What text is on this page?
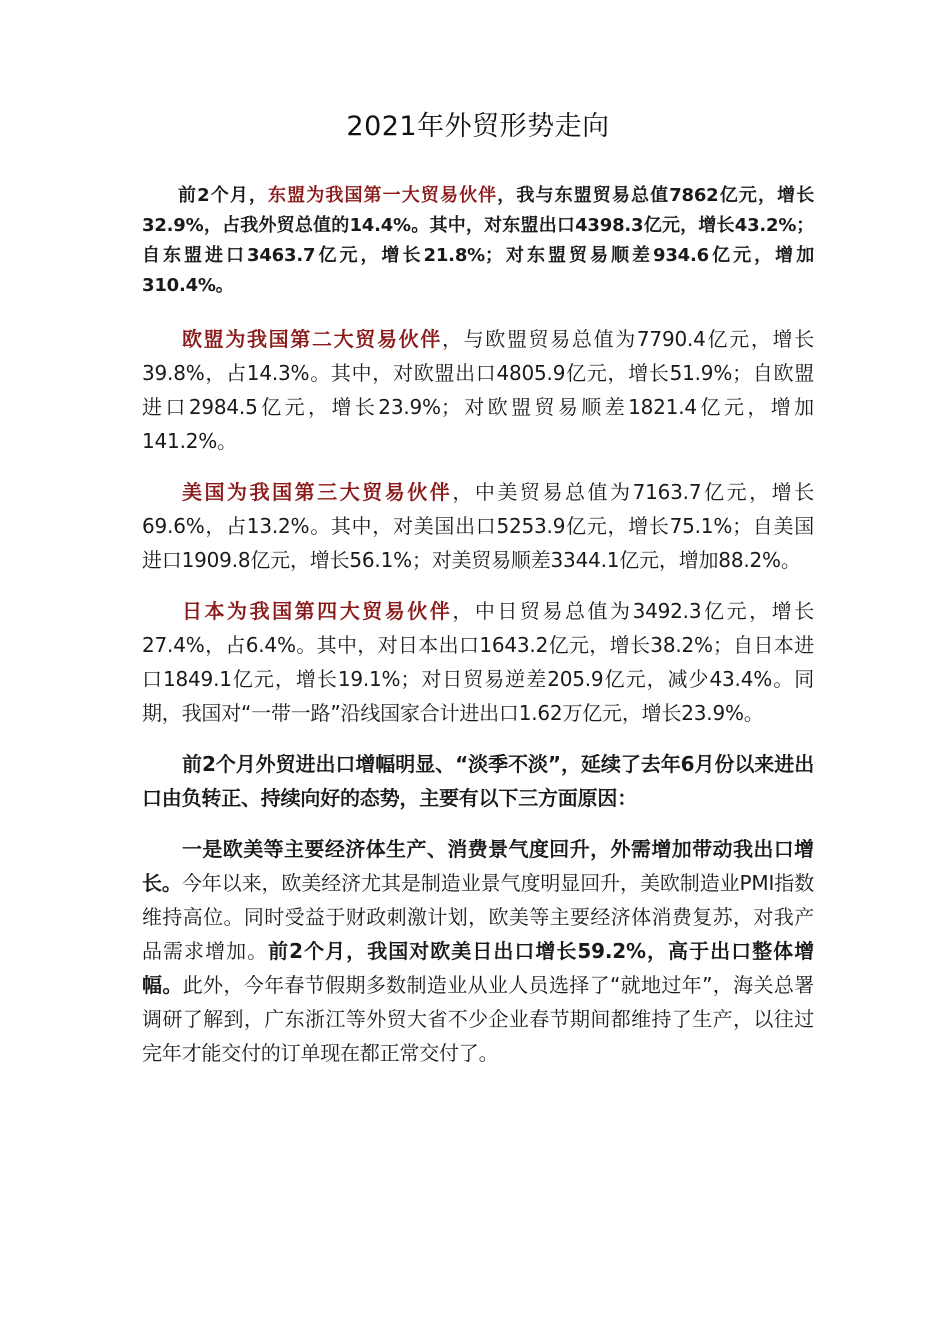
2021年外贸形势走向

前2个月，东盟为我国第一大贸易伙伴，我与东盟贸易总值7862亿元，增长32.9%，占我外贸总值的14.4%。其中，对东盟出口4398.3亿元，增长43.2%；自东盟进口3463.7亿元，增长21.8%；对东盟贸易顺差934.6亿元，增加310.4%。

欧盟为我国第二大贸易伙伴，与欧盟贸易总值为7790.4亿元，增长39.8%，占14.3%。其中，对欧盟出口4805.9亿元，增长51.9%；自欧盟进口2984.5亿元，增长23.9%；对欧盟贸易顺差1821.4亿元，增加141.2%。

美国为我国第三大贸易伙伴，中美贸易总值为7163.7亿元，增长69.6%，占13.2%。其中，对美国出口5253.9亿元，增长75.1%；自美国进口1909.8亿元，增长56.1%；对美贸易顺差3344.1亿元，增加88.2%。

日本为我国第四大贸易伙伴，中日贸易总值为3492.3亿元，增长27.4%，占6.4%。其中，对日本出口1643.2亿元，增长38.2%；自日本进口1849.1亿元，增长19.1%；对日贸易逆差205.9亿元，减少43.4%。同期，我国对“一带一路”沿线国家合计进出口1.62万亿元，增长23.9%。

前2个月外贸进出口增幅明显、“淡季不淡”，延续了去年6月份以来进出口由负转正、持续向好的态势，主要有以下三方面原因：

一是欧美等主要经济体生产、消费景气度回升，外需增加带动我出口增长。今年以来，欧美经济尤其是制造业景气度明显回升，美欧制造业PMI指数维持高位。同时受益于财政刺激计划，欧美等主要经济体消费复苏，对我产品需求增加。前2个月，我国对欧美日出口增长59.2%，高于出口整体增幅。此外，今年春节假期多数制造业从业人员选择了“就地过年”，海关总署调研了解到，广东浙江等外贸大省不少企业春节期间都维持了生产，以往过完年才能交付的订单现在都正常交付了。
